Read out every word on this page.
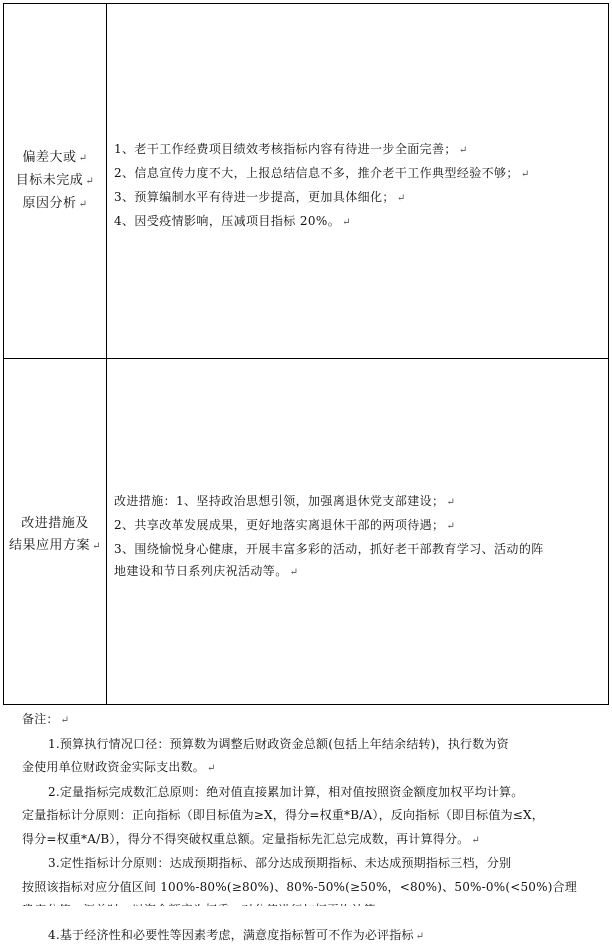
偏差大或 ↵
目标未完成 ↵
原因分析 ↵
1、老干工作经费项目绩效考核指标内容有待进一步全面完善； ↵
2、信息宣传力度不大，上报总结信息不多，推介老干工作典型经验不够； ↵
3、预算编制水平有待进一步提高，更加具体细化； ↵
4、因受疫情影响，压减项目指标 20%。 ↵
改进措施及
结果应用方案 ↵
改进措施：1、坚持政治思想引领，加强离退休党支部建设； ↵
2、共享改革发展成果，更好地落实离退休干部的两项待遇； ↵
3、围绕愉悦身心健康，开展丰富多彩的活动，抓好老干部教育学习、活动的阵
地建设和节日系列庆祝活动等。 ↵
备注： ↵
1.预算执行情况口径：预算数为调整后财政资金总额(包括上年结余结转)，执行数为资
金使用单位财政资金实际支出数。 ↵
2.定量指标完成数汇总原则：绝对值直接累加计算，相对值按照资金额度加权平均计算。
定量指标计分原则：正向指标（即目标值为≥X，得分=权重*B/A），反向指标（即目标值为≤X，
得分=权重*A/B），得分不得突破权重总额。定量指标先汇总完成数，再计算得分。 ↵
3.定性指标计分原则：达成预期指标、部分达成预期指标、未达成预期指标三档，分别
按照该指标对应分值区间 100%-80%(≥80%)、80%-50%(≥50%，<80%)、50%-0%(<50%)合理
4.基于经济性和必要性等因素考虑，满意度指标暂可不作为必评指标 ↵
